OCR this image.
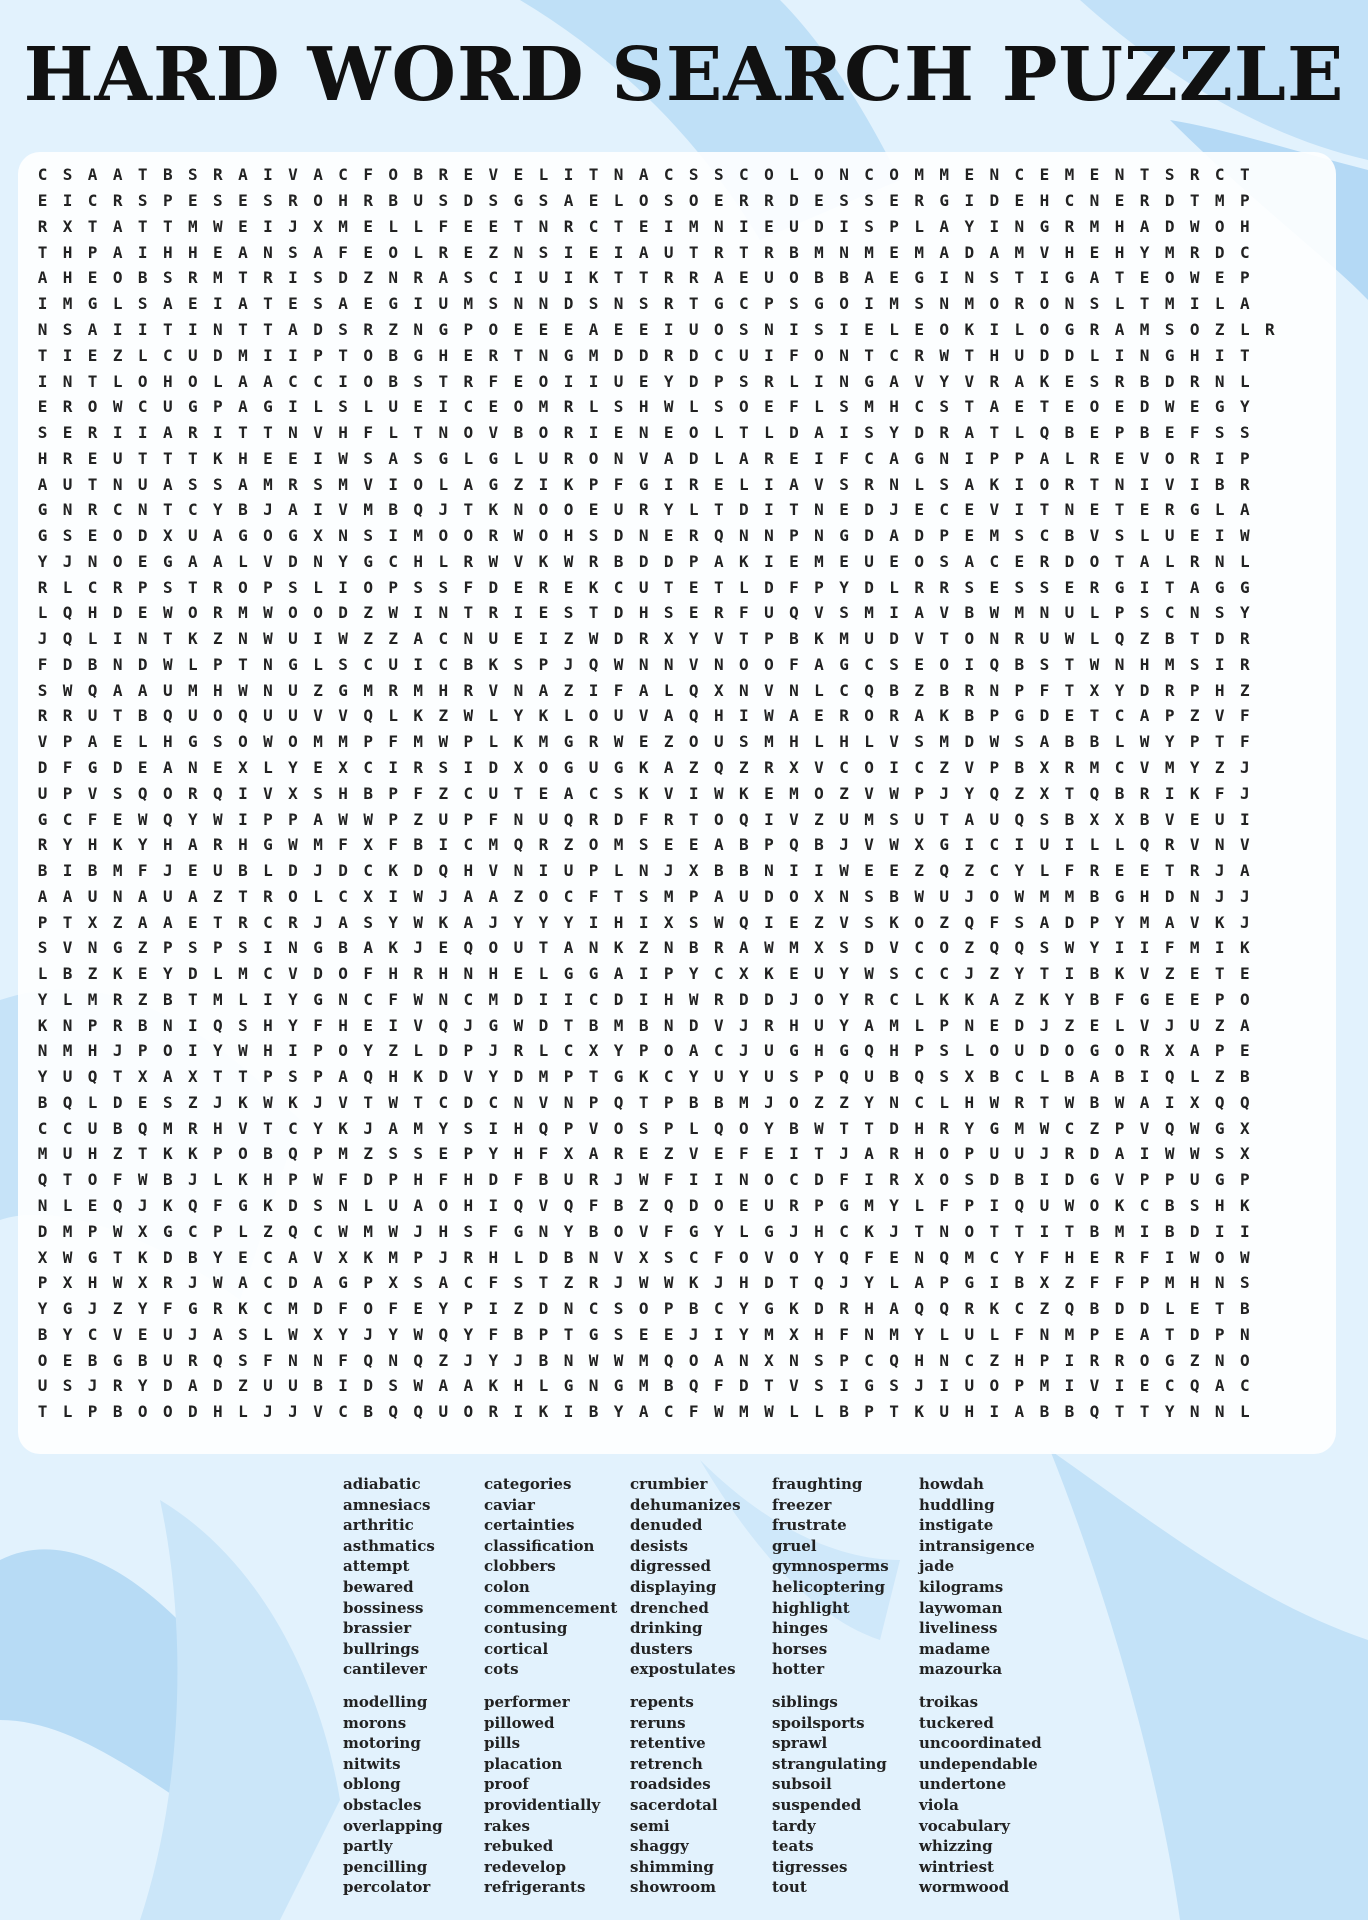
HARD WORD SEARCH PUZZLE
C S A A T B S R A I V A C F O B R E V E L I T N A C S S C O L O N C O M M E N C E M E N T S R C T
E I C R S P E S E S R O H R B U S D S G S A E L O S O E R R D E S S E R G I D E H C N E R D T M P
R X T A T T M W E I J X M E L L F E E T N R C T E I M N I E U D I S P L A Y I N G R M H A D W O H
T H P A I H H E A N S A F E O L R E Z N S I E I A U T R T R B M N M E M A D A M V H E H Y M R D C
A H E O B S R M T R I S D Z N R A S C I U I K T T R R A E U O B B A E G I N S T I G A T E O W E P
I M G L S A E I A T E S A E G I U M S N N D S N S R T G C P S G O I M S N M O R O N S L T M I L A
N S A I I T I N T T A D S R Z N G P O E E E A E E I U O S N I S I E L E O K I L O G R A M S O Z L R
T I E Z L C U D M I I P T O B G H E R T N G M D D R D C U I F O N T C R W T H U D D L I N G H I T
I N T L O H O L A A C C I O B S T R F E O I I U E Y D P S R L I N G A V Y V R A K E S R B D R N L
E R O W C U G P A G I L S L U E I C E O M R L S H W L S O E F L S M H C S T A E T E O E D W E G Y
S E R I I A R I T T N V H F L T N O V B O R I E N E O L T L D A I S Y D R A T L Q B E P B E F S S
H R E U T T T K H E E I W S A S G L G L U R O N V A D L A R E I F C A G N I P P A L R E V O R I P
A U T N U A S S A M R S M V I O L A G Z I K P F G I R E L I A V S R N L S A K I O R T N I V I B R
G N R C N T C Y B J A I V M B Q J T K N O O E U R Y L T D I T N E D J E C E V I T N E T E R G L A
G S E O D X U A G O G X N S I M O O R W O H S D N E R Q N N P N G D A D P E M S C B V S L U E I W
Y J N O E G A A L V D N Y G C H L R W V K W R B D D P A K I E M E U E O S A C E R D O T A L R N L
R L C R P S T R O P S L I O P S S F D E R E K C U T E T L D F P Y D L R R S E S S E R G I T A G G
L Q H D E W O R M W O O D Z W I N T R I E S T D H S E R F U Q V S M I A V B W M N U L P S C N S Y
J Q L I N T K Z N W U I W Z Z A C N U E I Z W D R X Y V T P B K M U D V T O N R U W L Q Z B T D R
F D B N D W L P T N G L S C U I C B K S P J Q W N N V N O O F A G C S E O I Q B S T W N H M S I R
S W Q A A U M H W N U Z G M R M H R V N A Z I F A L Q X N V N L C Q B Z B R N P F T X Y D R P H Z
R R U T B Q U O Q U U V V Q L K Z W L Y K L O U V A Q H I W A E R O R A K B P G D E T C A P Z V F
V P A E L H G S O W O M M P F M W P L K M G R W E Z O U S M H L H L V S M D W S A B B L W Y P T F
D F G D E A N E X L Y E X C I R S I D X O G U G K A Z Q Z R X V C O I C Z V P B X R M C V M Y Z J
U P V S Q O R Q I V X S H B P F Z C U T E A C S K V I W K E M O Z V W P J Y Q Z X T Q B R I K F J
G C F E W Q Y W I P P A W W P Z U P F N U Q R D F R T O Q I V Z U M S U T A U Q S B X X B V E U I
R Y H K Y H A R H G W M F X F B I C M Q R Z O M S E E A B P Q B J V W X G I C I U I L L Q R V N V
B I B M F J E U B L D J D C K D Q H V N I U P L N J X B B N I I W E E Z Q Z C Y L F R E E T R J A
A A U N A U A Z T R O L C X I W J A A Z O C F T S M P A U D O X N S B W U J O W M M B G H D N J J
P T X Z A A E T R C R J A S Y W K A J Y Y Y I H I X S W Q I E Z V S K O Z Q F S A D P Y M A V K J
S V N G Z P S P S I N G B A K J E Q O U T A N K Z N B R A W M X S D V C O Z Q Q S W Y I I F M I K
L B Z K E Y D L M C V D O F H R H N H E L G G A I P Y C X K E U Y W S C C J Z Y T I B K V Z E T E
Y L M R Z B T M L I Y G N C F W N C M D I I C D I H W R D D J O Y R C L K K A Z K Y B F G E E P O
K N P R B N I Q S H Y F H E I V Q J G W D T B M B N D V J R H U Y A M L P N E D J Z E L V J U Z A
N M H J P O I Y W H I P O Y Z L D P J R L C X Y P O A C J U G H G Q H P S L O U D O G O R X A P E
Y U Q T X A X T T P S P A Q H K D V Y D M P T G K C Y U Y U S P Q U B Q S X B C L B A B I Q L Z B
B Q L D E S Z J K W K J V T W T C D C N V N P Q T P B B M J O Z Z Y N C L H W R T W B W A I X Q Q
C C U B Q M R H V T C Y K J A M Y S I H Q P V O S P L Q O Y B W T T D H R Y G M W C Z P V Q W G X
M U H Z T K K P O B Q P M Z S S E P Y H F X A R E Z V E F E I T J A R H O P U U J R D A I W W S X
Q T O F W B J L K H P W F D P H F H D F B U R J W F I I N O C D F I R X O S D B I D G V P P U G P
N L E Q J K Q F G K D S N L U A O H I Q V Q F B Z Q D O E U R P G M Y L F P I Q U W O K C B S H K
D M P W X G C P L Z Q C W M W J H S F G N Y B O V F G Y L G J H C K J T N O T T I T B M I B D I I
X W G T K D B Y E C A V X K M P J R H L D B N V X S C F O V O Y Q F E N Q M C Y F H E R F I W O W
P X H W X R J W A C D A G P X S A C F S T Z R J W W K J H D T Q J Y L A P G I B X Z F F P M H N S
Y G J Z Y F G R K C M D F O F E Y P I Z D N C S O P B C Y G K D R H A Q Q R K C Z Q B D D L E T B
B Y C V E U J A S L W X Y J Y W Q Y F B P T G S E E J I Y M X H F N M Y L U L F N M P E A T D P N
O E B G B U R Q S F N N F Q N Q Z J Y J B N W W M Q O A N X N S P C Q H N C Z H P I R R O G Z N O
U S J R Y D A D Z U U B I D S W A A K H L G N G M B Q F D T V S I G S J I U O P M I V I E C Q A C
T L P B O O D H L J J V C B Q Q U O R I K I B Y A C F W M W L L B P T K U H I A B B Q T T Y N N L
adiabatic
amnesiacs
arthritic
asthmatics
attempt
bewared
bossiness
brassier
bullrings
cantilever
categories
caviar
certainties
classification
clobbers
colon
commencement
contusing
cortical
cots
crumbier
dehumanizes
denuded
desists
digressed
displaying
drenched
drinking
dusters
expostulates
fraughting
freezer
frustrate
gruel
gymnosperms
helicoptering
highlight
hinges
horses
hotter
howdah
huddling
instigate
intransigence
jade
kilograms
laywoman
liveliness
madame
mazourka
modelling
morons
motoring
nitwits
oblong
obstacles
overlapping
partly
pencilling
percolator
performer
pillowed
pills
placation
proof
providentially
rakes
rebuked
redevelop
refrigerants
repents
reruns
retentive
retrench
roadsides
sacerdotal
semi
shaggy
shimming
showroom
siblings
spoilsports
sprawl
strangulating
subsoil
suspended
tardy
teats
tigresses
tout
troikas
tuckered
uncoordinated
undependable
undertone
viola
vocabulary
whizzing
wintriest
wormwood
